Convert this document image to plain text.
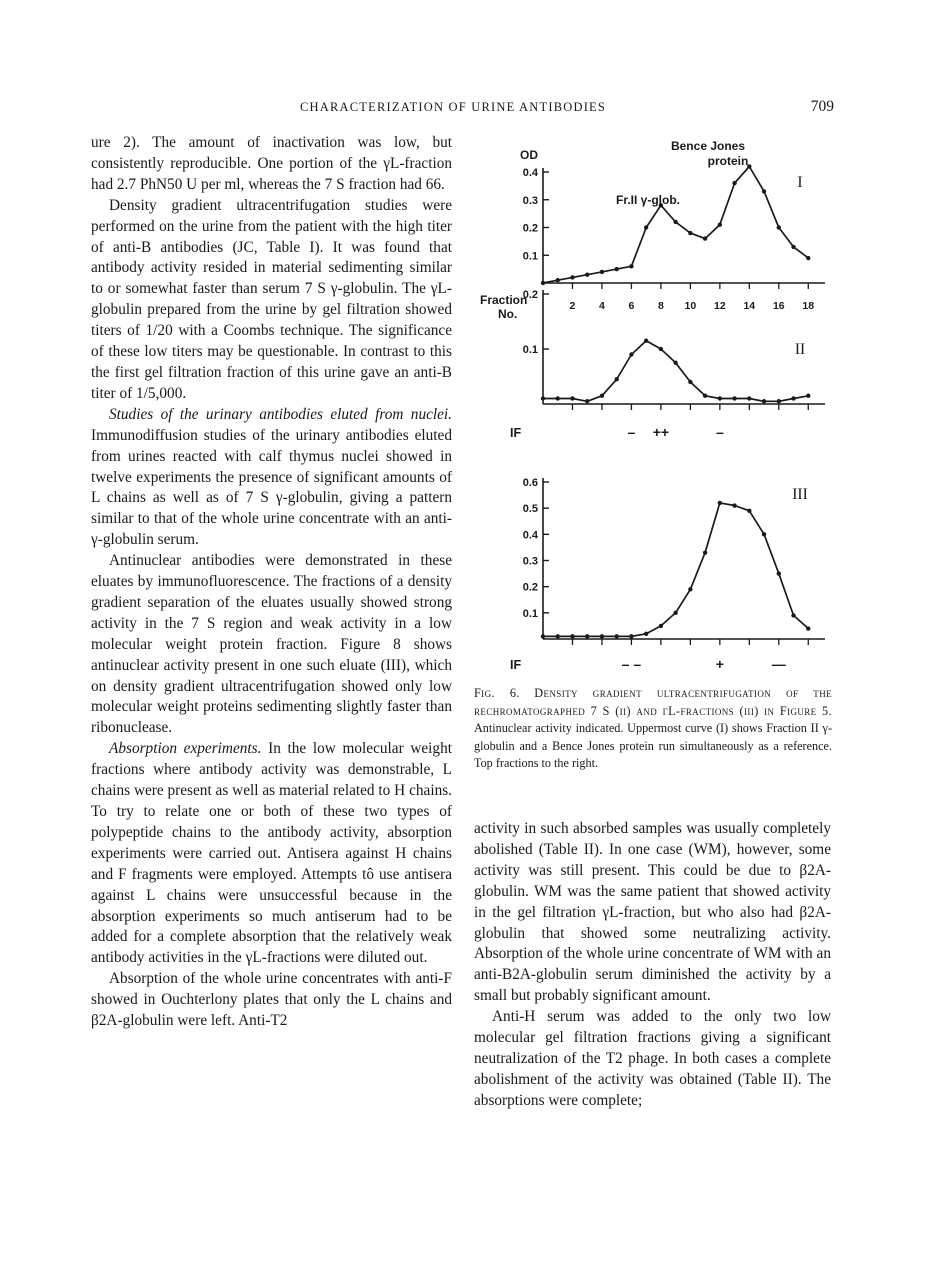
CHARACTERIZATION OF URINE ANTIBODIES	709

ure 2). The amount of inactivation was low, but consistently reproducible. One portion of the γL-fraction had 2.7 PhN50 U per ml, whereas the 7 S fraction had 66.

Density gradient ultracentrifugation studies were performed on the urine from the patient with the high titer of anti-B antibodies (JC, Table I). It was found that antibody activity resided in material sedimenting similar to or somewhat faster than serum 7 S γ-globulin. The γL-globulin prepared from the urine by gel filtration showed titers of 1/20 with a Coombs technique. The significance of these low titers may be questionable. In contrast to this the first gel filtration fraction of this urine gave an anti-B titer of 1/5,000.

Studies of the urinary antibodies eluted from nuclei. Immunodiffusion studies of the urinary antibodies eluted from urines reacted with calf thymus nuclei showed in twelve experiments the presence of significant amounts of L chains as well as of 7 S γ-globulin, giving a pattern similar to that of the whole urine concentrate with an anti-γ-globulin serum.

Antinuclear antibodies were demonstrated in these eluates by immunofluorescence. The fractions of a density gradient separation of the eluates usually showed strong activity in the 7 S region and weak activity in a low molecular weight protein fraction. Figure 8 shows antinuclear activity present in one such eluate (III), which on density gradient ultracentrifugation showed only low molecular weight proteins sedimenting slightly faster than ribonuclease.

Absorption experiments. In the low molecular weight fractions where antibody activity was demonstrable, L chains were present as well as material related to H chains. To try to relate one or both of these two types of polypeptide chains to the antibody activity, absorption experiments were carried out. Antisera against H chains and F fragments were employed. Attempts tô use antisera against L chains were unsuccessful because in the absorption experiments so much antiserum had to be added for a complete absorption that the relatively weak antibody activities in the γL-fractions were diluted out.

Absorption of the whole urine concentrates with anti-F showed in Ouchterlony plates that only the L chains and β2A-globulin were left. Anti-T2

0.1
0.2
0.3
0.4
I
OD
Fraction
No.
2 4 6 8 10 12 14 16 18
Fr.II γ-glob.
Bence Jones
protein
0.1
0.2
II
IF	– ++	–
0.1
0.2
0.3
0.4
0.5
0.6
III
IF	– –	+	—
Fig. 6. Density gradient ultracentrifugation of the rechromatographed 7 S (ii) and γL-fractions (iii) in Figure 5. Antinuclear activity indicated. Uppermost curve (I) shows Fraction II γ-globulin and a Bence Jones protein run simultaneously as a reference. Top fractions to the right.

activity in such absorbed samples was usually completely abolished (Table II). In one case (WM), however, some activity was still present. This could be due to β2A-globulin. WM was the same patient that showed activity in the gel filtration γL-fraction, but who also had β2A-globulin that showed some neutralizing activity. Absorption of the whole urine concentrate of WM with an anti-B2A-globulin serum diminished the activity by a small but probably significant amount.

Anti-H serum was added to the only two low molecular gel filtration fractions giving a significant neutralization of the T2 phage. In both cases a complete abolishment of the activity was obtained (Table II). The absorptions were complete;
